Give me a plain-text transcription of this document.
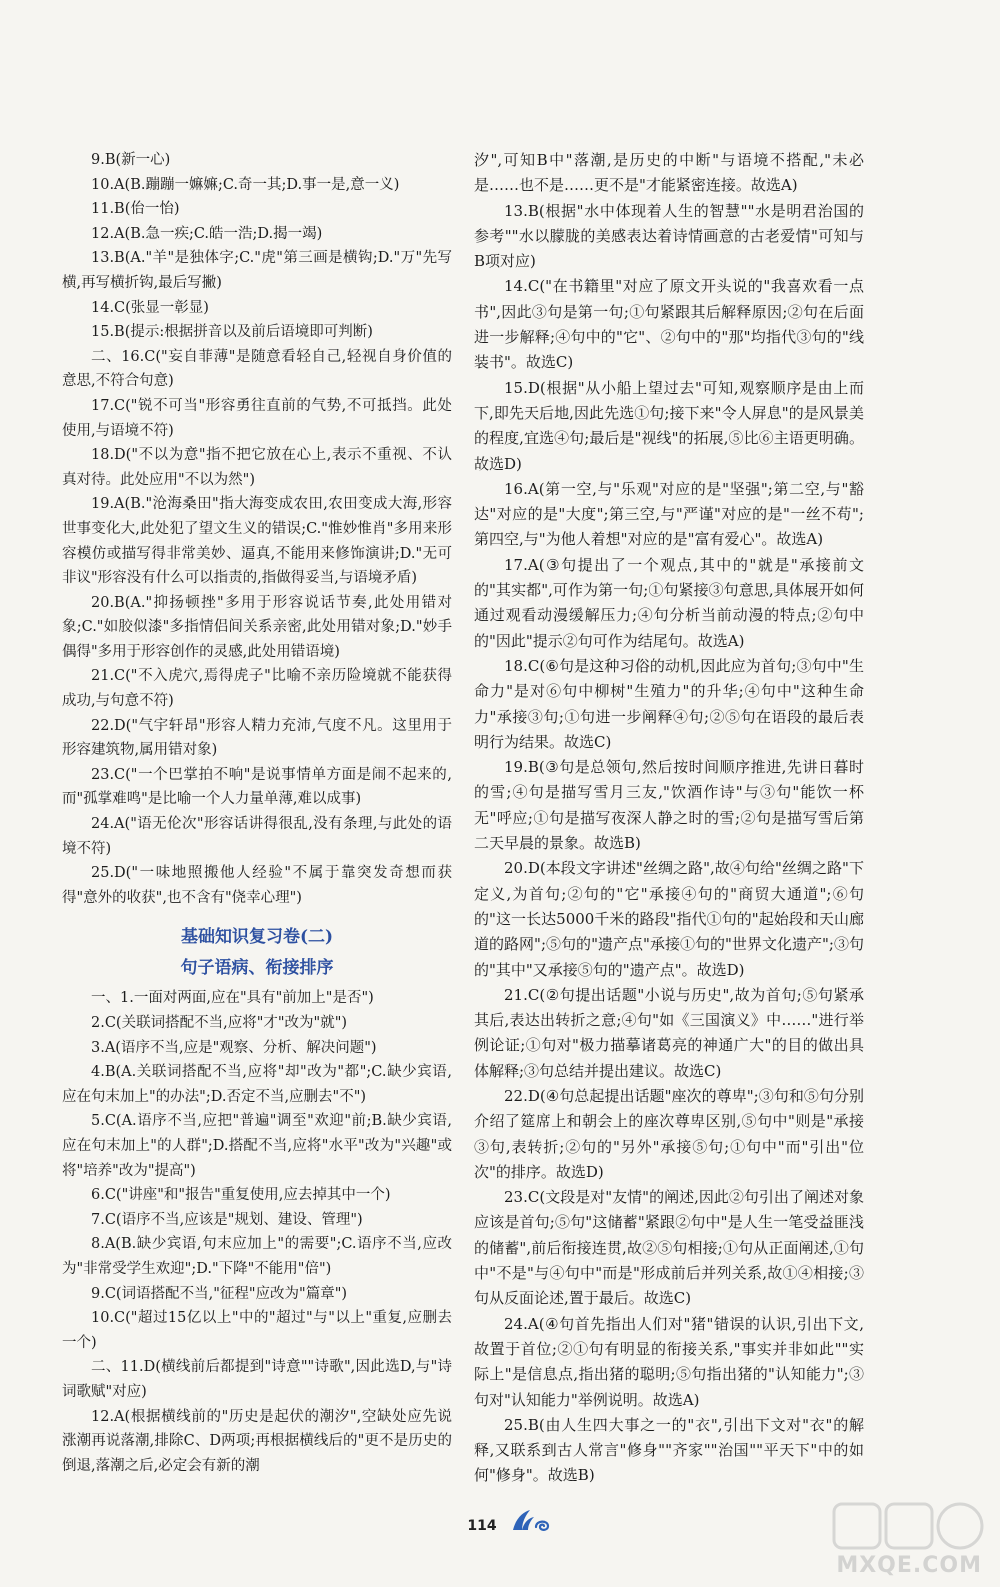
9.B(新一心)

10.A(B.蹦蹦一嫲嫲;C.奇一其;D.事一是,意一义)

11.B(佁一怡)

12.A(B.急一疾;C.皓一浩;D.揭一竭)

13.B(A."羊"是独体字;C."虎"第三画是横钩;D."万"先写横,再写横折钩,最后写撇)

14.C(张显一彰显)

15.B(提示:根据拼音以及前后语境即可判断)

二、16.C("妄自菲薄"是随意看轻自己,轻视自身价值的意思,不符合句意)

17.C("锐不可当"形容勇往直前的气势,不可抵挡。此处使用,与语境不符)

18.D("不以为意"指不把它放在心上,表示不重视、不认真对待。此处应用"不以为然")

19.A(B."沧海桑田"指大海变成农田,农田变成大海,形容世事变化大,此处犯了望文生义的错误;C."惟妙惟肖"多用来形容模仿或描写得非常美妙、逼真,不能用来修饰演讲;D."无可非议"形容没有什么可以指责的,指做得妥当,与语境矛盾)

20.B(A."抑扬顿挫"多用于形容说话节奏,此处用错对象;C."如胶似漆"多指情侣间关系亲密,此处用错对象;D."妙手偶得"多用于形容创作的灵感,此处用错语境)

21.C("不入虎穴,焉得虎子"比喻不亲历险境就不能获得成功,与句意不符)

22.D("气宇轩昂"形容人精力充沛,气度不凡。这里用于形容建筑物,属用错对象)

23.C("一个巴掌拍不响"是说事情单方面是闹不起来的,而"孤掌难鸣"是比喻一个人力量单薄,难以成事)

24.A("语无伦次"形容话讲得很乱,没有条理,与此处的语境不符)

25.D("一味地照搬他人经验"不属于靠突发奇想而获得"意外的收获",也不含有"侥幸心理")

基础知识复习卷(二)
句子语病、衔接排序

一、1.一面对两面,应在"具有"前加上"是否")

2.C(关联词搭配不当,应将"才"改为"就")

3.A(语序不当,应是"观察、分析、解决问题")

4.B(A.关联词搭配不当,应将"却"改为"都";C.缺少宾语,应在句末加上"的办法";D.否定不当,应删去"不")

5.C(A.语序不当,应把"普遍"调至"欢迎"前;B.缺少宾语,应在句末加上"的人群";D.搭配不当,应将"水平"改为"兴趣"或将"培养"改为"提高")

6.C("讲座"和"报告"重复使用,应去掉其中一个)

7.C(语序不当,应该是"规划、建设、管理")

8.A(B.缺少宾语,句末应加上"的需要";C.语序不当,应改为"非常受学生欢迎";D."下降"不能用"倍")

9.C(词语搭配不当,"征程"应改为"篇章")

10.C("超过15亿以上"中的"超过"与"以上"重复,应删去一个)

二、11.D(横线前后都提到"诗意""诗歌",因此选D,与"诗词歌赋"对应)

12.A(根据横线前的"历史是起伏的潮汐",空缺处应先说涨潮再说落潮,排除C、D两项;再根据横线后的"更不是历史的倒退,落潮之后,必定会有新的潮

汐",可知B中"落潮,是历史的中断"与语境不搭配,"未必是……也不是……更不是"才能紧密连接。故选A)

13.B(根据"水中体现着人生的智慧""水是明君治国的参考""水以朦胧的美感表达着诗情画意的古老爱情"可知与B项对应)

14.C("在书籍里"对应了原文开头说的"我喜欢看一点书",因此③句是第一句;①句紧跟其后解释原因;②句在后面进一步解释;④句中的"它"、②句中的"那"均指代③句的"线装书"。故选C)

15.D(根据"从小船上望过去"可知,观察顺序是由上而下,即先天后地,因此先选①句;接下来"令人屏息"的是风景美的程度,宜选④句;最后是"视线"的拓展,⑤比⑥主语更明确。故选D)

16.A(第一空,与"乐观"对应的是"坚强";第二空,与"豁达"对应的是"大度";第三空,与"严谨"对应的是"一丝不苟";第四空,与"为他人着想"对应的是"富有爱心"。故选A)

17.A(③句提出了一个观点,其中的"就是"承接前文的"其实都",可作为第一句;①句紧接③句意思,具体展开如何通过观看动漫缓解压力;④句分析当前动漫的特点;②句中的"因此"提示②句可作为结尾句。故选A)

18.C(⑥句是这种习俗的动机,因此应为首句;③句中"生命力"是对⑥句中柳树"生殖力"的升华;④句中"这种生命力"承接③句;①句进一步阐释④句;②⑤句在语段的最后表明行为结果。故选C)

19.B(③句是总领句,然后按时间顺序推进,先讲日暮时的雪;④句是描写雪月三友,"饮酒作诗"与③句"能饮一杯无"呼应;①句是描写夜深人静之时的雪;②句是描写雪后第二天早晨的景象。故选B)

20.D(本段文字讲述"丝绸之路",故④句给"丝绸之路"下定义,为首句;②句的"它"承接④句的"商贸大通道";⑥句的"这一长达5000千米的路段"指代①句的"起始段和天山廊道的路网";⑤句的"遗产点"承接①句的"世界文化遗产";③句的"其中"又承接⑤句的"遗产点"。故选D)

21.C(②句提出话题"小说与历史",故为首句;⑤句紧承其后,表达出转折之意;④句"如《三国演义》中……"进行举例论证;①句对"极力描摹诸葛亮的神通广大"的目的做出具体解释;③句总结并提出建议。故选C)

22.D(④句总起提出话题"座次的尊卑";③句和⑤句分别介绍了筵席上和朝会上的座次尊卑区别,⑤句中"则是"承接③句,表转折;②句的"另外"承接⑤句;①句中"而"引出"位次"的排序。故选D)

23.C(文段是对"友情"的阐述,因此②句引出了阐述对象应该是首句;⑤句"这储蓄"紧跟②句中"是人生一笔受益匪浅的储蓄",前后衔接连贯,故②⑤句相接;①句从正面阐述,①句中"不是"与④句中"而是"形成前后并列关系,故①④相接;③句从反面论述,置于最后。故选C)

24.A(④句首先指出人们对"猪"错误的认识,引出下文,故置于首位;②①句有明显的衔接关系,"事实并非如此""实际上"是信息点,指出猪的聪明;⑤句指出猪的"认知能力";③句对"认知能力"举例说明。故选A)

25.B(由人生四大事之一的"衣",引出下文对"衣"的解释,又联系到古人常言"修身""齐家""治国""平天下"中的如何"修身"。故选B)

114
MXQE.COM
